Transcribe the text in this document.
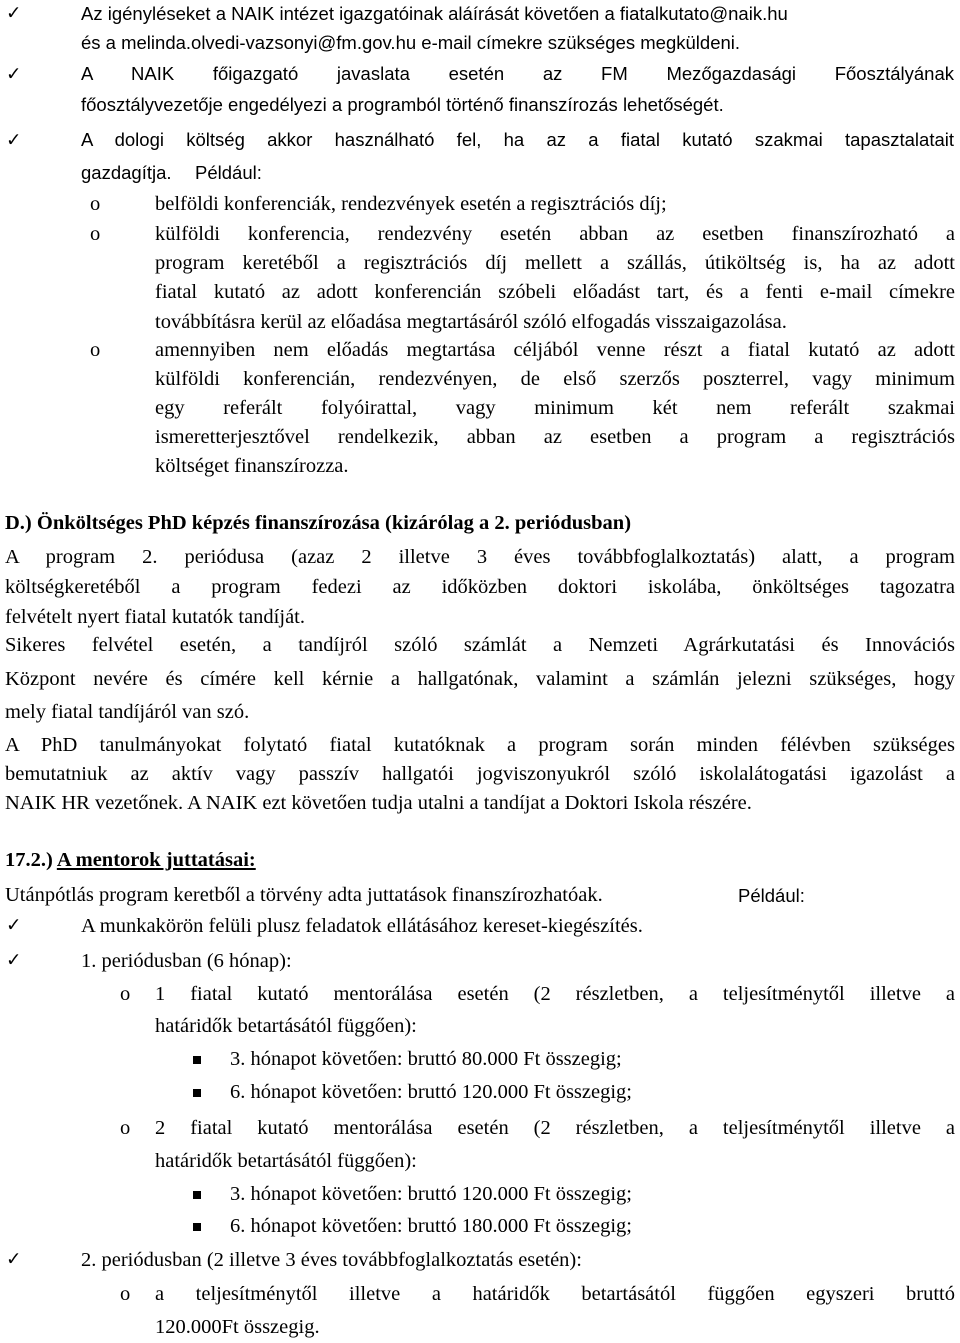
✓	Az igényléseket a NAIK intézet igazgatóinak aláírását követően a fiatalkutato@naik.hu
és a melinda.olvedi-vazsonyi@fm.gov.hu e-mail címekre szükséges megküldeni.
✓	A NAIK főigazgató javaslata esetén az FM Mezőgazdasági Főosztályának
főosztályvezetője engedélyezi a programból történő finanszírozás lehetőségét.
✓	A dologi költség akkor használható fel, ha az a fiatal kutató szakmai tapasztalatait
gazdagítja. Például:
o	belföldi konferenciák, rendezvények esetén a regisztrációs díj;
o	külföldi konferencia, rendezvény esetén abban az esetben finanszírozható a
program keretéből a regisztrációs díj mellett a szállás, útiköltség is, ha az adott
fiatal kutató az adott konferencián szóbeli előadást tart, és a fenti e-mail címekre
továbbításra kerül az előadása megtartásáról szóló elfogadás visszaigazolása.
o	amennyiben nem előadás megtartása céljából venne részt a fiatal kutató az adott
külföldi konferencián, rendezvényen, de első szerzős poszterrel, vagy minimum
egy referált folyóirattal, vagy minimum két nem referált szakmai
ismeretterjesztővel rendelkezik, abban az esetben a program a regisztrációs
költséget finanszírozza.
D.) Önköltséges PhD képzés finanszírozása (kizárólag a 2. periódusban)
A program 2. periódusa (azaz 2 illetve 3 éves továbbfoglalkoztatás) alatt, a program
költségkeretéből a program fedezi az időközben doktori iskolába, önköltséges tagozatra
felvételt nyert fiatal kutatók tandíját.
Sikeres felvétel esetén, a tandíjról szóló számlát a Nemzeti Agrárkutatási és Innovációs
Központ nevére és címére kell kérnie a hallgatónak, valamint a számlán jelezni szükséges, hogy
mely fiatal tandíjáról van szó.
A PhD tanulmányokat folytató fiatal kutatóknak a program során minden félévben szükséges
bemutatniuk az aktív vagy passzív hallgatói jogviszonyukról szóló iskolalátogatási igazolást a
NAIK HR vezetőnek. A NAIK ezt követően tudja utalni a tandíjat a Doktori Iskola részére.
17.2.) A mentorok juttatásai:
Utánpótlás program keretből a törvény adta juttatások finanszírozhatóak.	Például:
✓	A munkakörön felüli plusz feladatok ellátásához kereset-kiegészítés.
✓	1. periódusban (6 hónap):
o 1 fiatal kutató mentorálása esetén (2 részletben, a teljesítménytől illetve a
határidők betartásától függően):
3. hónapot követően: bruttó 80.000 Ft összegig;
6. hónapot követően: bruttó 120.000 Ft összegig;
o 2 fiatal kutató mentorálása esetén (2 részletben, a teljesítménytől illetve a
határidők betartásától függően):
3. hónapot követően: bruttó 120.000 Ft összegig;
6. hónapot követően: bruttó 180.000 Ft összegig;
✓	2. periódusban (2 illetve 3 éves továbbfoglalkoztatás esetén):
o a teljesítménytől illetve a határidők betartásától függően egyszeri bruttó
120.000Ft összegig.
